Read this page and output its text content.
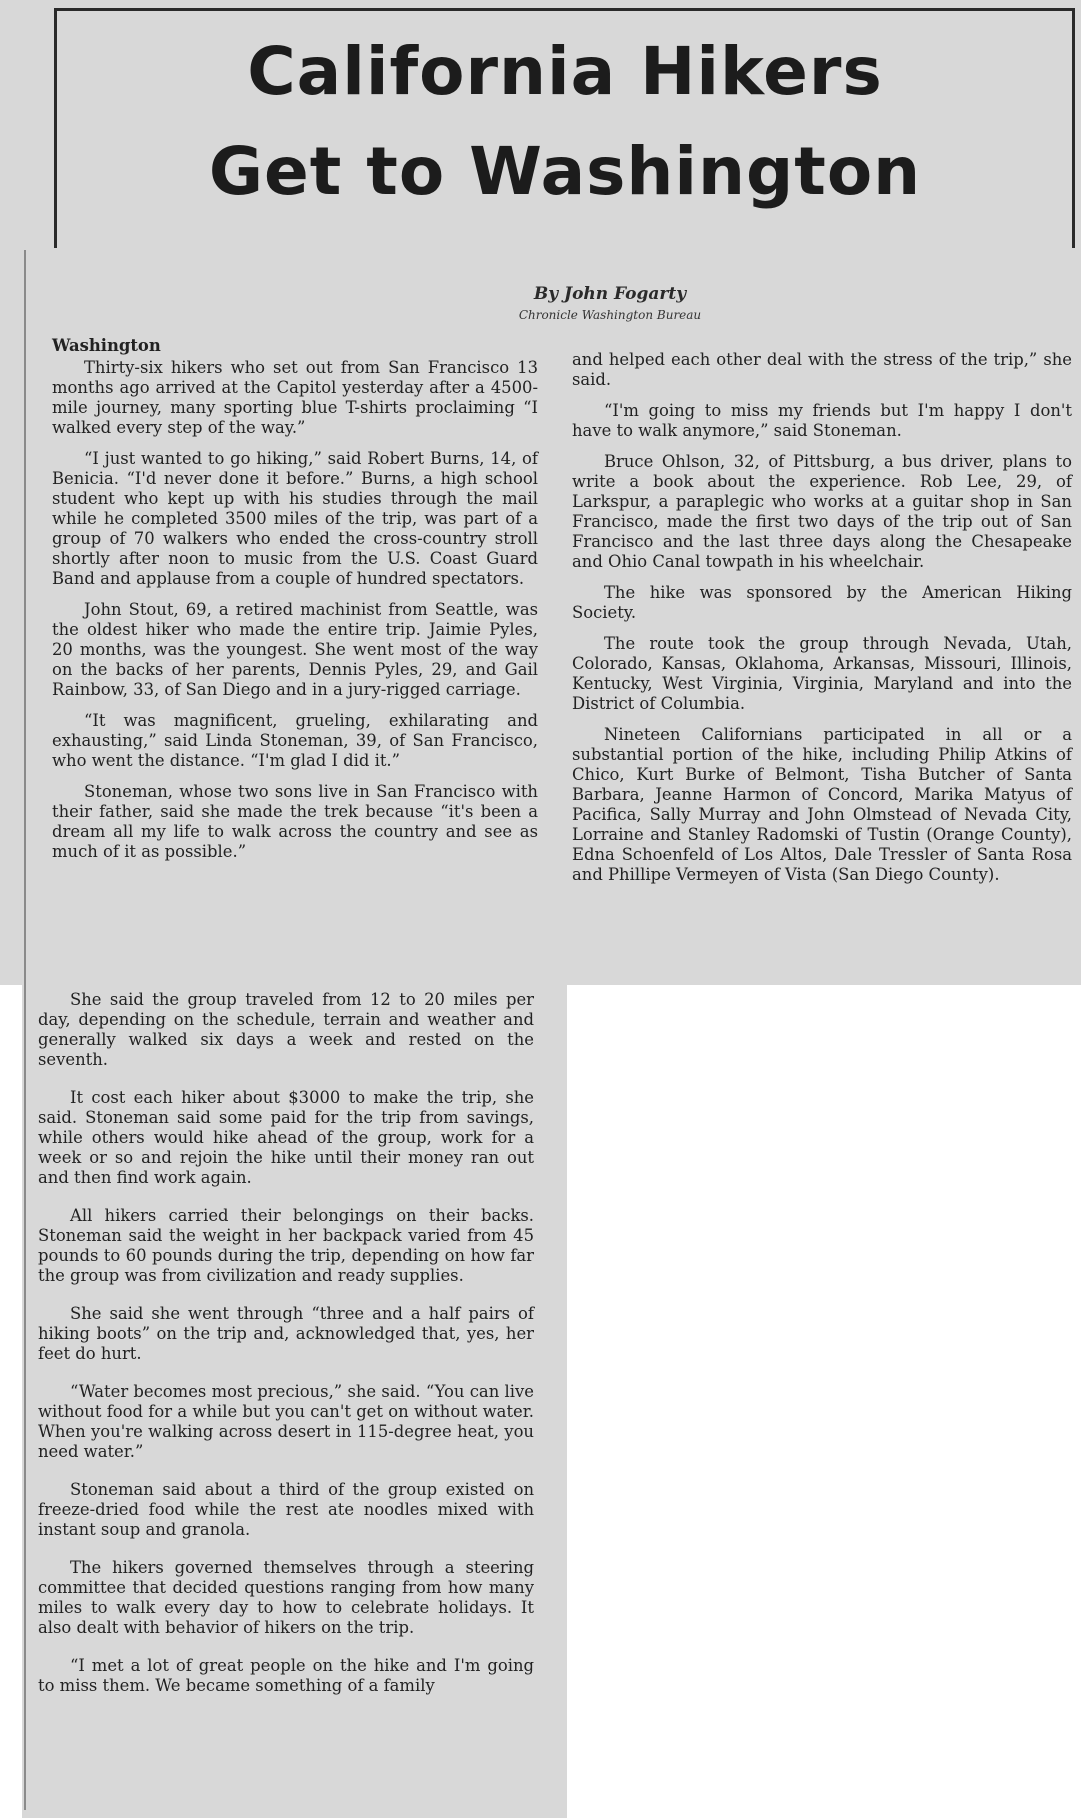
California Hikers
Get to Washington
By John Fogarty
Chronicle Washington Bureau
Washington

Thirty-six hikers who set out from San Francisco 13 months ago arrived at the Capitol yesterday after a 4500-mile journey, many sporting blue T-shirts proclaiming “I walked every step of the way.”

“I just wanted to go hiking,” said Robert Burns, 14, of Benicia. “I'd never done it before.” Burns, a high school student who kept up with his studies through the mail while he completed 3500 miles of the trip, was part of a group of 70 walkers who ended the cross-country stroll shortly after noon to music from the U.S. Coast Guard Band and applause from a couple of hundred spectators.

John Stout, 69, a retired machinist from Seattle, was the oldest hiker who made the entire trip. Jaimie Pyles, 20 months, was the youngest. She went most of the way on the backs of her parents, Dennis Pyles, 29, and Gail Rainbow, 33, of San Diego and in a jury-rigged carriage.

“It was magnificent, grueling, exhilarating and exhausting,” said Linda Stoneman, 39, of San Francisco, who went the distance. “I'm glad I did it.”

Stoneman, whose two sons live in San Francisco with their father, said she made the trek because “it's been a dream all my life to walk across the country and see as much of it as possible.”

and helped each other deal with the stress of the trip,” she said.

“I'm going to miss my friends but I'm happy I don't have to walk anymore,” said Stoneman.

Bruce Ohlson, 32, of Pittsburg, a bus driver, plans to write a book about the experience. Rob Lee, 29, of Larkspur, a paraplegic who works at a guitar shop in San Francisco, made the first two days of the trip out of San Francisco and the last three days along the Chesapeake and Ohio Canal towpath in his wheelchair.

The hike was sponsored by the American Hiking Society.

The route took the group through Nevada, Utah, Colorado, Kansas, Oklahoma, Arkansas, Missouri, Illinois, Kentucky, West Virginia, Virginia, Maryland and into the District of Columbia.

Nineteen Californians participated in all or a substantial portion of the hike, including Philip Atkins of Chico, Kurt Burke of Belmont, Tisha Butcher of Santa Barbara, Jeanne Harmon of Concord, Marika Matyus of Pacifica, Sally Murray and John Olmstead of Nevada City, Lorraine and Stanley Radomski of Tustin (Orange County), Edna Schoenfeld of Los Altos, Dale Tressler of Santa Rosa and Phillipe Vermeyen of Vista (San Diego County).

She said the group traveled from 12 to 20 miles per day, depending on the schedule, terrain and weather and generally walked six days a week and rested on the seventh.

It cost each hiker about $3000 to make the trip, she said. Stoneman said some paid for the trip from savings, while others would hike ahead of the group, work for a week or so and rejoin the hike until their money ran out and then find work again.

All hikers carried their belongings on their backs. Stoneman said the weight in her backpack varied from 45 pounds to 60 pounds during the trip, depending on how far the group was from civilization and ready supplies.

She said she went through “three and a half pairs of hiking boots” on the trip and, acknowledged that, yes, her feet do hurt.

“Water becomes most precious,” she said. “You can live without food for a while but you can't get on without water. When you're walking across desert in 115-degree heat, you need water.”

Stoneman said about a third of the group existed on freeze-dried food while the rest ate noodles mixed with instant soup and granola.

The hikers governed themselves through a steering committee that decided questions ranging from how many miles to walk every day to how to celebrate holidays. It also dealt with behavior of hikers on the trip.

“I met a lot of great people on the hike and I'm going to miss them. We became something of a family
